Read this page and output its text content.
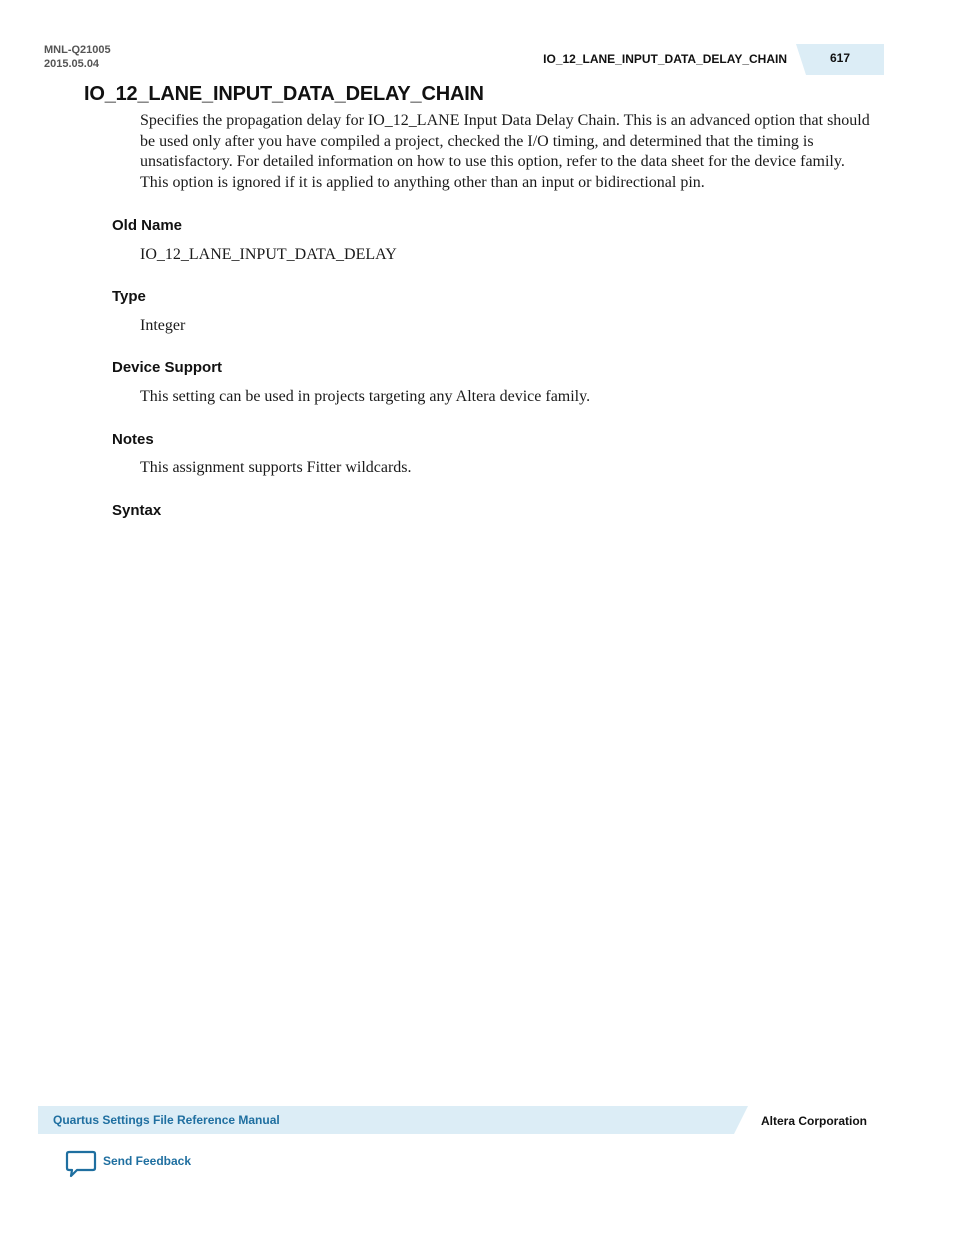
MNL-Q21005
2015.05.04	IO_12_LANE_INPUT_DATA_DELAY_CHAIN	617
IO_12_LANE_INPUT_DATA_DELAY_CHAIN

Specifies the propagation delay for IO_12_LANE Input Data Delay Chain. This is an advanced option that should be used only after you have compiled a project, checked the I/O timing, and determined that the timing is unsatisfactory. For detailed information on how to use this option, refer to the data sheet for the device family. This option is ignored if it is applied to anything other than an input or bidirectional pin.

Old Name

IO_12_LANE_INPUT_DATA_DELAY

Type

Integer

Device Support

This setting can be used in projects targeting any Altera device family.

Notes

This assignment supports Fitter wildcards.

Syntax

Quartus Settings File Reference Manual	Altera Corporation
Send Feedback
